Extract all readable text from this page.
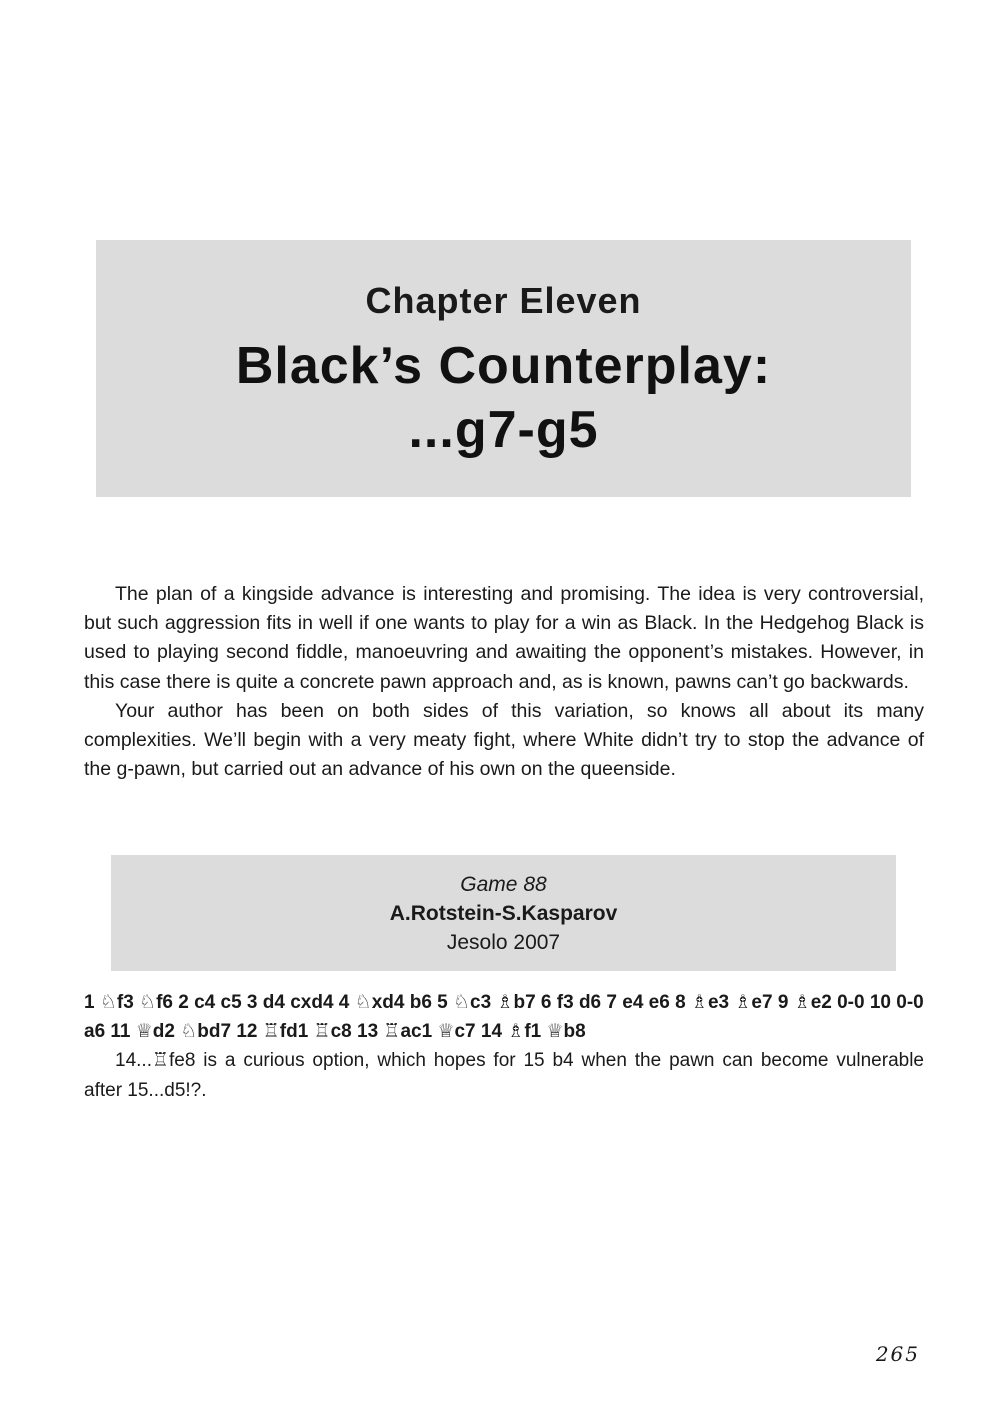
Chapter Eleven
Black’s Counterplay:
...g7-g5

The plan of a kingside advance is interesting and promising. The idea is very controversial, but such aggression fits in well if one wants to play for a win as Black. In the Hedgehog Black is used to playing second fiddle, manoeuvring and awaiting the opponent’s mistakes. However, in this case there is quite a concrete pawn approach and, as is known, pawns can’t go backwards.

Your author has been on both sides of this variation, so knows all about its many complexities. We’ll begin with a very meaty fight, where White didn’t try to stop the advance of the g-pawn, but carried out an advance of his own on the queenside.

Game 88
A.Rotstein-S.Kasparov
Jesolo 2007

1 ♘f3 ♘f6 2 c4 c5 3 d4 cxd4 4 ♘xd4 b6 5 ♘c3 ♗b7 6 f3 d6 7 e4 e6 8 ♗e3 ♗e7 9 ♗e2 0-0 10 0-0 a6 11 ♕d2 ♘bd7 12 ♖fd1 ♖c8 13 ♖ac1 ♕c7 14 ♗f1 ♕b8

14...♖fe8 is a curious option, which hopes for 15 b4 when the pawn can become vulnerable after 15...d5!?.

265
